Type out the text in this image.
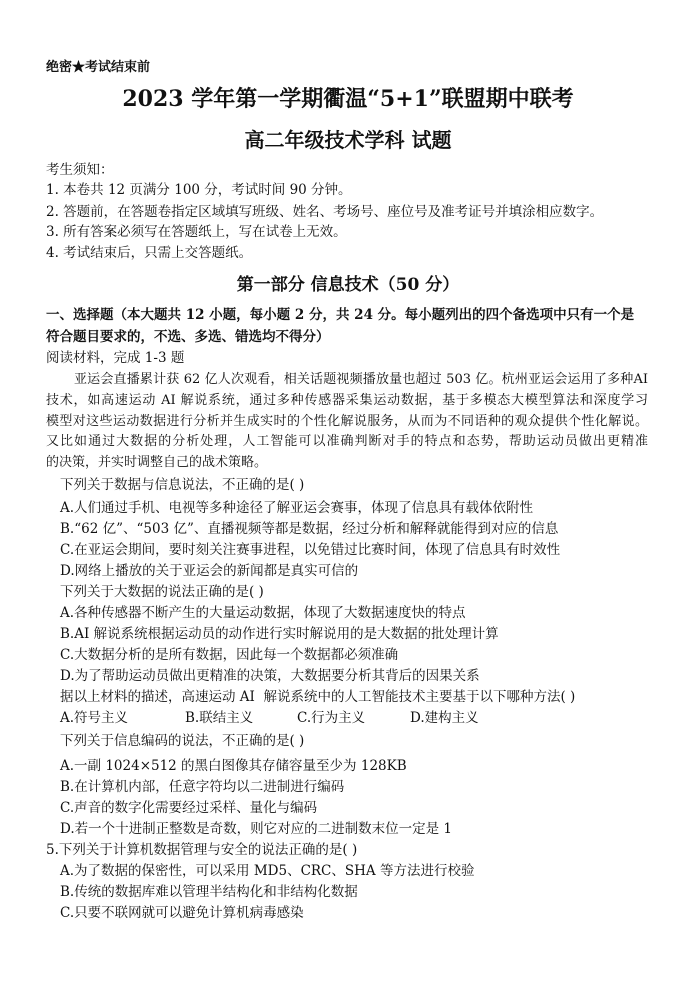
绝密★考试结束前
2023 学年第一学期衢温“5+1”联盟期中联考
高二年级技术学科 试题
考生须知：
1. 本卷共 12 页满分 100 分，考试时间 90 分钟。
2. 答题前，在答题卷指定区域填写班级、姓名、考场号、座位号及准考证号并填涂相应数字。
3. 所有答案必须写在答题纸上，写在试卷上无效。
4. 考试结束后，只需上交答题纸。
第一部分 信息技术（50 分）
一、选择题（本大题共 12 小题，每小题 2 分，共 24 分。每小题列出的四个备选项中只有一个是
符合题目要求的，不选、多选、错选均不得分）
阅读材料，完成 1-3 题
亚运会直播累计获 62 亿人次观看，相关话题视频播放量也超过 503 亿。杭州亚运会运用了多种AI
技术，如高速运动 AI 解说系统，通过多种传感器采集运动数据，基于多模态大模型算法和深度学习
模型对这些运动数据进行分析并生成实时的个性化解说服务，从而为不同语种的观众提供个性化解说。
又比如通过大数据的分析处理，人工智能可以准确判断对手的特点和态势，帮助运动员做出更精准
的决策，并实时调整自己的战术策略。
下列关于数据与信息说法，不正确的是( )
A.人们通过手机、电视等多种途径了解亚运会赛事，体现了信息具有载体依附性
B.“62 亿”、“503 亿”、直播视频等都是数据，经过分析和解释就能得到对应的信息
C.在亚运会期间，要时刻关注赛事进程，以免错过比赛时间，体现了信息具有时效性
D.网络上播放的关于亚运会的新闻都是真实可信的
下列关于大数据的说法正确的是( )
A.各种传感器不断产生的大量运动数据，体现了大数据速度快的特点
B.AI 解说系统根据运动员的动作进行实时解说用的是大数据的批处理计算
C.大数据分析的是所有数据，因此每一个数据都必须准确
D.为了帮助运动员做出更精准的决策，大数据要分析其背后的因果关系
据以上材料的描述，高速运动 AI  解说系统中的人工智能技术主要基于以下哪种方法( )
A.符号主义	B.联结主义	C.行为主义	D.建构主义
下列关于信息编码的说法，不正确的是( )
A.一副 1024×512 的黑白图像其存储容量至少为 128KB
B.在计算机内部，任意字符均以二进制进行编码
C.声音的数字化需要经过采样、量化与编码
D.若一个十进制正整数是奇数，则它对应的二进制数末位一定是 1
5.下列关于计算机数据管理与安全的说法正确的是( )
A.为了数据的保密性，可以采用 MD5、CRC、SHA 等方法进行校验
B.传统的数据库难以管理半结构化和非结构化数据
C.只要不联网就可以避免计算机病毒感染
